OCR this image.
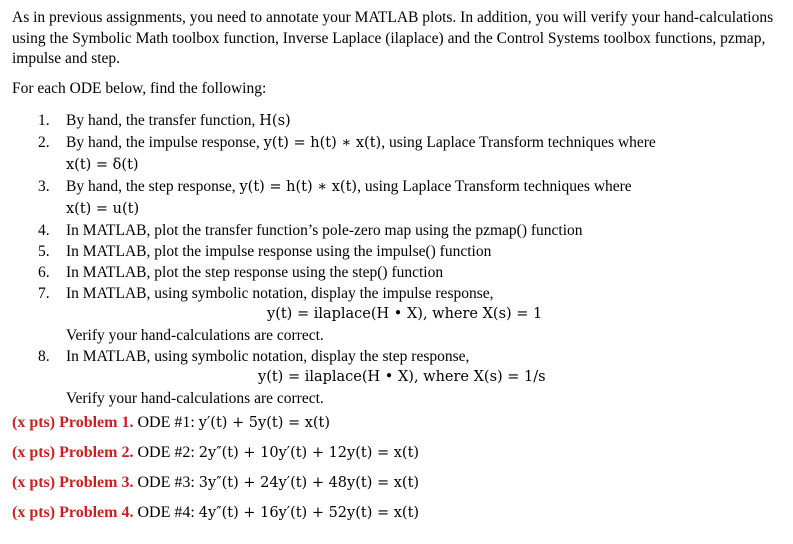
As in previous assignments, you need to annotate your MATLAB plots. In addition, you will verify your hand-calculations using the Symbolic Math toolbox function, Inverse Laplace (ilaplace) and the Control Systems toolbox functions, pzmap, impulse and step.

For each ODE below, find the following:
1. By hand, the transfer function, H(s)
2. By hand, the impulse response, y(t) = h(t) ∗ x(t), using Laplace Transform techniques where
x(t) = δ(t)
3. By hand, the step response, y(t) = h(t) ∗ x(t), using Laplace Transform techniques where
x(t) = u(t)
4. In MATLAB, plot the transfer function’s pole-zero map using the pzmap() function
5. In MATLAB, plot the impulse response using the impulse() function
6. In MATLAB, plot the step response using the step() function
7. In MATLAB, using symbolic notation, display the impulse response,

y(t) = ilaplace(H • X), where X(s) = 1
Verify your hand-calculations are correct.
8. In MATLAB, using symbolic notation, display the step response,

y(t) = ilaplace(H • X), where X(s) = 1/s
Verify your hand-calculations are correct.
(x pts) Problem 1. ODE #1: y′(t) + 5y(t) = x(t)
(x pts) Problem 2. ODE #2: 2y″(t) + 10y′(t) + 12y(t) = x(t)
(x pts) Problem 3. ODE #3: 3y″(t) + 24y′(t) + 48y(t) = x(t)
(x pts) Problem 4. ODE #4: 4y″(t) + 16y′(t) + 52y(t) = x(t)
